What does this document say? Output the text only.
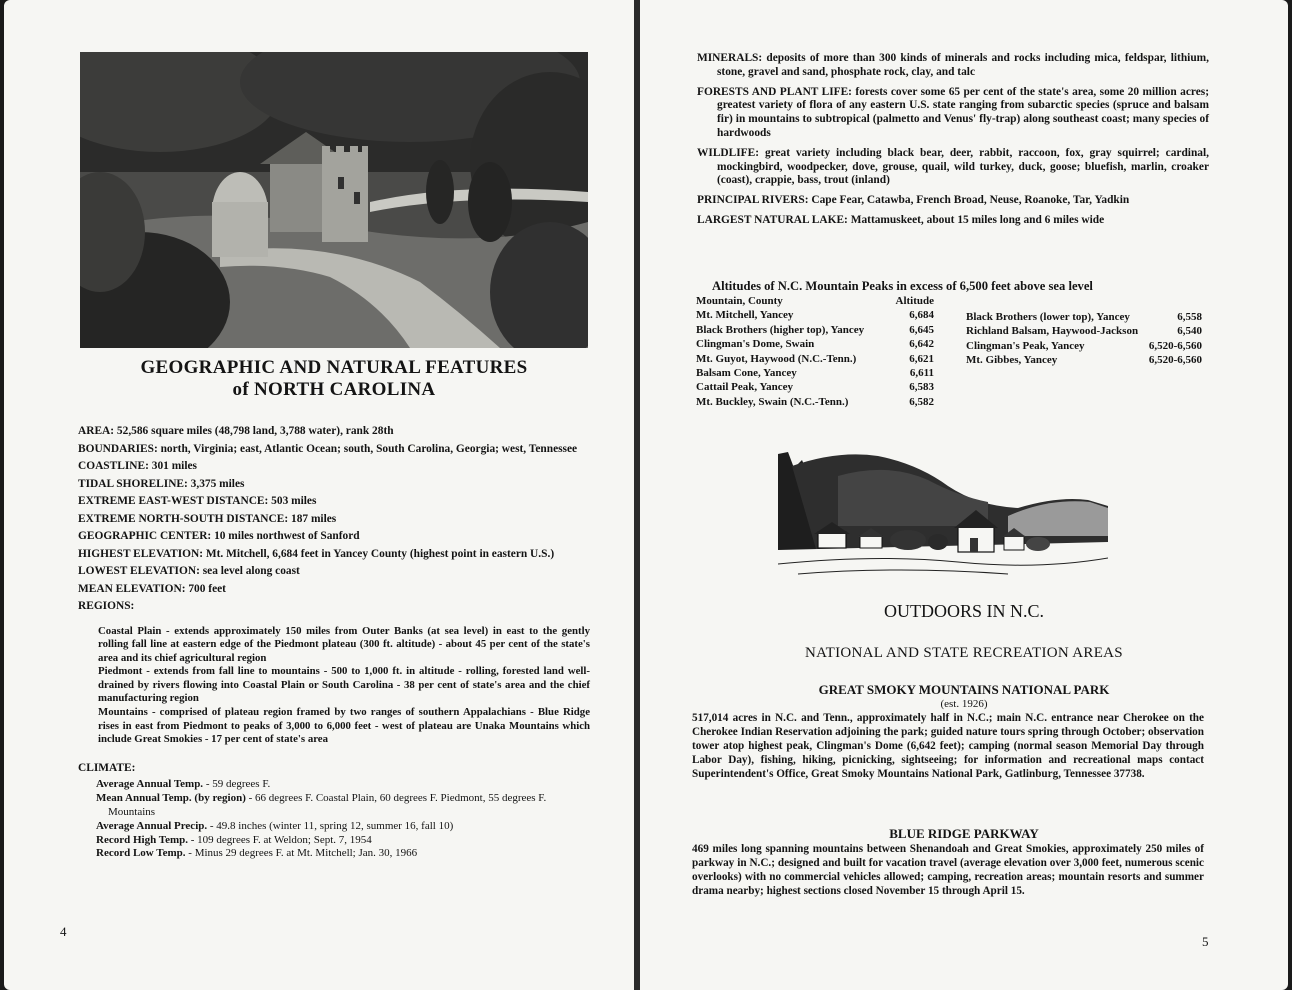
GEOGRAPHIC AND NATURAL FEATURES
of NORTH CAROLINA
AREA: 52,586 square miles (48,798 land, 3,788 water), rank 28th
BOUNDARIES: north, Virginia; east, Atlantic Ocean; south, South Carolina, Georgia; west, Tennessee
COASTLINE: 301 miles
TIDAL SHORELINE: 3,375 miles
EXTREME EAST-WEST DISTANCE: 503 miles
EXTREME NORTH-SOUTH DISTANCE: 187 miles
GEOGRAPHIC CENTER: 10 miles northwest of Sanford
HIGHEST ELEVATION: Mt. Mitchell, 6,684 feet in Yancey County (highest point in eastern U.S.)
LOWEST ELEVATION: sea level along coast
MEAN ELEVATION: 700 feet
REGIONS:
Coastal Plain - extends approximately 150 miles from Outer Banks (at sea level) in east to the gently rolling fall line at eastern edge of the Piedmont plateau (300 ft. altitude) - about 45 per cent of the state's area and its chief agricultural region
Piedmont - extends from fall line to mountains - 500 to 1,000 ft. in altitude - rolling, forested land well-drained by rivers flowing into Coastal Plain or South Carolina - 38 per cent of state's area and the chief manufacturing region
Mountains - comprised of plateau region framed by two ranges of southern Appalachians - Blue Ridge rises in east from Piedmont to peaks of 3,000 to 6,000 feet - west of plateau are Unaka Mountains which include Great Smokies - 17 per cent of state's area
CLIMATE:
Average Annual Temp. - 59 degrees F.
Mean Annual Temp. (by region) - 66 degrees F. Coastal Plain, 60 degrees F. Piedmont, 55 degrees F. Mountains
Average Annual Precip. - 49.8 inches (winter 11, spring 12, summer 16, fall 10)
Record High Temp. - 109 degrees F. at Weldon; Sept. 7, 1954
Record Low Temp. - Minus 29 degrees F. at Mt. Mitchell; Jan. 30, 1966
4
MINERALS: deposits of more than 300 kinds of minerals and rocks including mica, feldspar, lithium, stone, gravel and sand, phosphate rock, clay, and talc
FORESTS AND PLANT LIFE: forests cover some 65 per cent of the state's area, some 20 million acres; greatest variety of flora of any eastern U.S. state ranging from subarctic species (spruce and balsam fir) in mountains to subtropical (palmetto and Venus' fly-trap) along southeast coast; many species of hardwoods
WILDLIFE: great variety including black bear, deer, rabbit, raccoon, fox, gray squirrel; cardinal, mockingbird, woodpecker, dove, grouse, quail, wild turkey, duck, goose; bluefish, marlin, croaker (coast), crappie, bass, trout (inland)
PRINCIPAL RIVERS: Cape Fear, Catawba, French Broad, Neuse, Roanoke, Tar, Yadkin
LARGEST NATURAL LAKE: Mattamuskeet, about 15 miles long and 6 miles wide
Altitudes of N.C. Mountain Peaks in excess of 6,500 feet above sea level
Mountain, County	Altitude
Mt. Mitchell, Yancey	6,684
Black Brothers (higher top), Yancey	6,645
Clingman's Dome, Swain	6,642
Mt. Guyot, Haywood (N.C.-Tenn.)	6,621
Balsam Cone, Yancey	6,611
Cattail Peak, Yancey	6,583
Mt. Buckley, Swain (N.C.-Tenn.)	6,582
Black Brothers (lower top), Yancey	6,558
Richland Balsam, Haywood-Jackson	6,540
Clingman's Peak, Yancey	6,520-6,560
Mt. Gibbes, Yancey	6,520-6,560
OUTDOORS IN N.C.
NATIONAL AND STATE RECREATION AREAS
GREAT SMOKY MOUNTAINS NATIONAL PARK
(est. 1926)
517,014 acres in N.C. and Tenn., approximately half in N.C.; main N.C. entrance near Cherokee on the Cherokee Indian Reservation adjoining the park; guided nature tours spring through October; observation tower atop highest peak, Clingman's Dome (6,642 feet); camping (normal season Memorial Day through Labor Day), fishing, hiking, picnicking, sightseeing; for information and recreational maps contact Superintendent's Office, Great Smoky Mountains National Park, Gatlinburg, Tennessee 37738.
BLUE RIDGE PARKWAY
469 miles long spanning mountains between Shenandoah and Great Smokies, approximately 250 miles of parkway in N.C.; designed and built for vacation travel (average elevation over 3,000 feet, numerous scenic overlooks) with no commercial vehicles allowed; camping, recreation areas; mountain resorts and summer drama nearby; highest sections closed November 15 through April 15.
5
